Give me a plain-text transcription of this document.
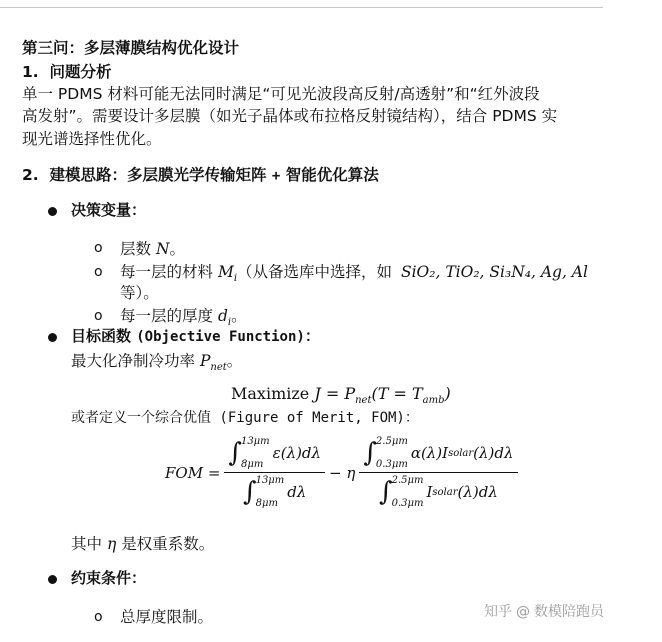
第三问：多层薄膜结构优化设计
1. 问题分析
单一 PDMS 材料可能无法同时满足“可见光波段高反射/高透射”和“红外波段
高发射”。需要设计多层膜（如光子晶体或布拉格反射镜结构），结合 PDMS 实
现光谱选择性优化。
2. 建模思路：多层膜光学传输矩阵 + 智能优化算法
决策变量：
o 层数 N。
o 每一层的材料 $M_i$（从备选库中选择，如 SiO₂, TiO₂, Si₃N₄, Ag, Al
等）。
o 每一层的厚度 $d_i$。
目标函数 (Objective Function)：
最大化净制冷功率 $P_{net}$。
Maximize $J = P_{net}(T = T_{amb})$
或者定义一个综合优值 (Figure of Merit, FOM)：
FOM = ∫ 13μm
8μm
ε(λ)dλ
∫ 13μm
8μm
dλ − η ∫ 2.5μm
0.3μm
α(λ)I solar (λ)dλ
∫ 2.5μm
0.3μm
I solar (λ)dλ
其中 η 是权重系数。
约束条件：
o 总厚度限制。	知乎 @ 数模陪跑员
